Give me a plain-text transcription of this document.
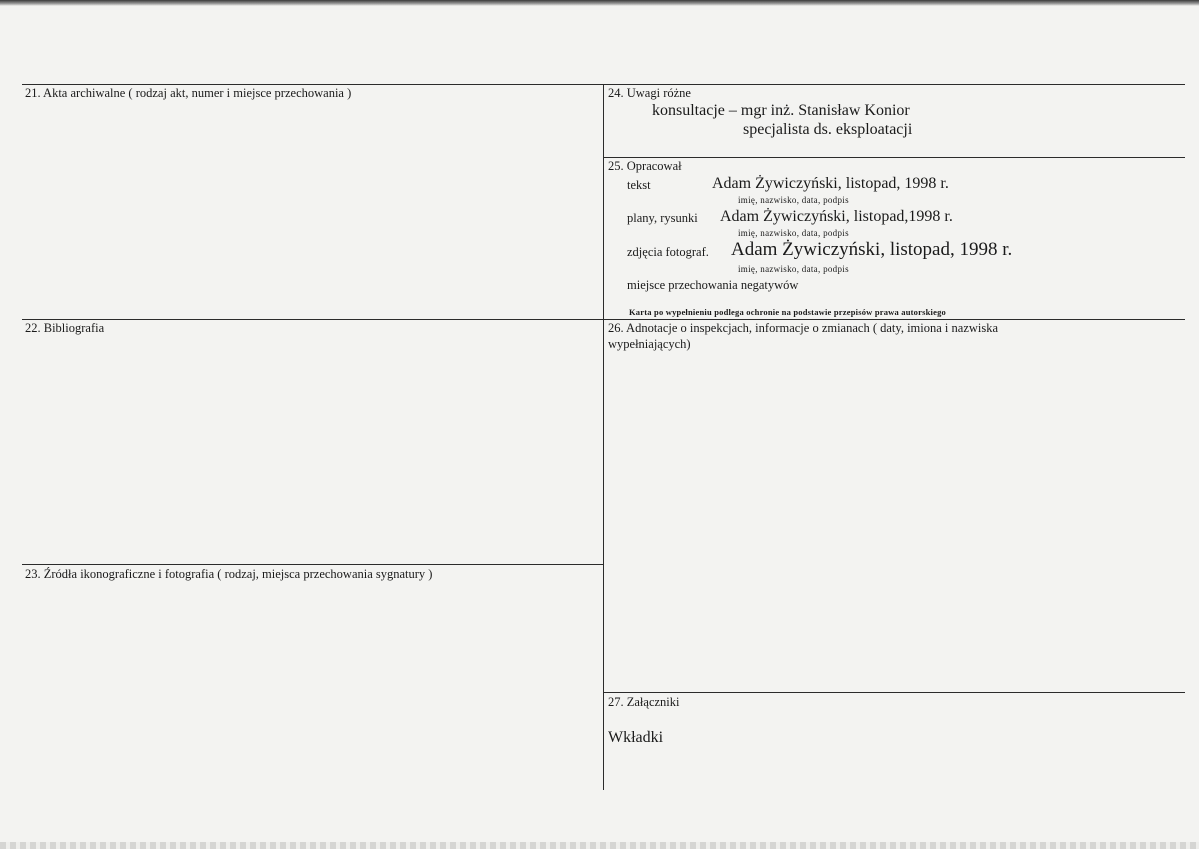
21. Akta archiwalne ( rodzaj akt, numer i miejsce przechowania )
22. Bibliografia
23. Źródła ikonograficzne i fotografia ( rodzaj, miejsca przechowania sygnatury )
24. Uwagi różne
konsultacje – mgr inż. Stanisław Konior
specjalista ds. eksploatacji
25. Opracował
tekst	Adam Żywiczyński, listopad, 1998 r.
imię, nazwisko, data, podpis
plany, rysunki Adam Żywiczyński, listopad,1998 r.
imię, nazwisko, data, podpis
zdjęcia fotograf. Adam Żywiczyński, listopad, 1998 r.
imię, nazwisko, data, podpis
miejsce przechowania negatywów
Karta po wypełnieniu podlega ochronie na podstawie przepisów prawa autorskiego
26. Adnotacje o inspekcjach, informacje o zmianach ( daty, imiona i nazwiska
wypełniających)
27. Załączniki
Wkładki
